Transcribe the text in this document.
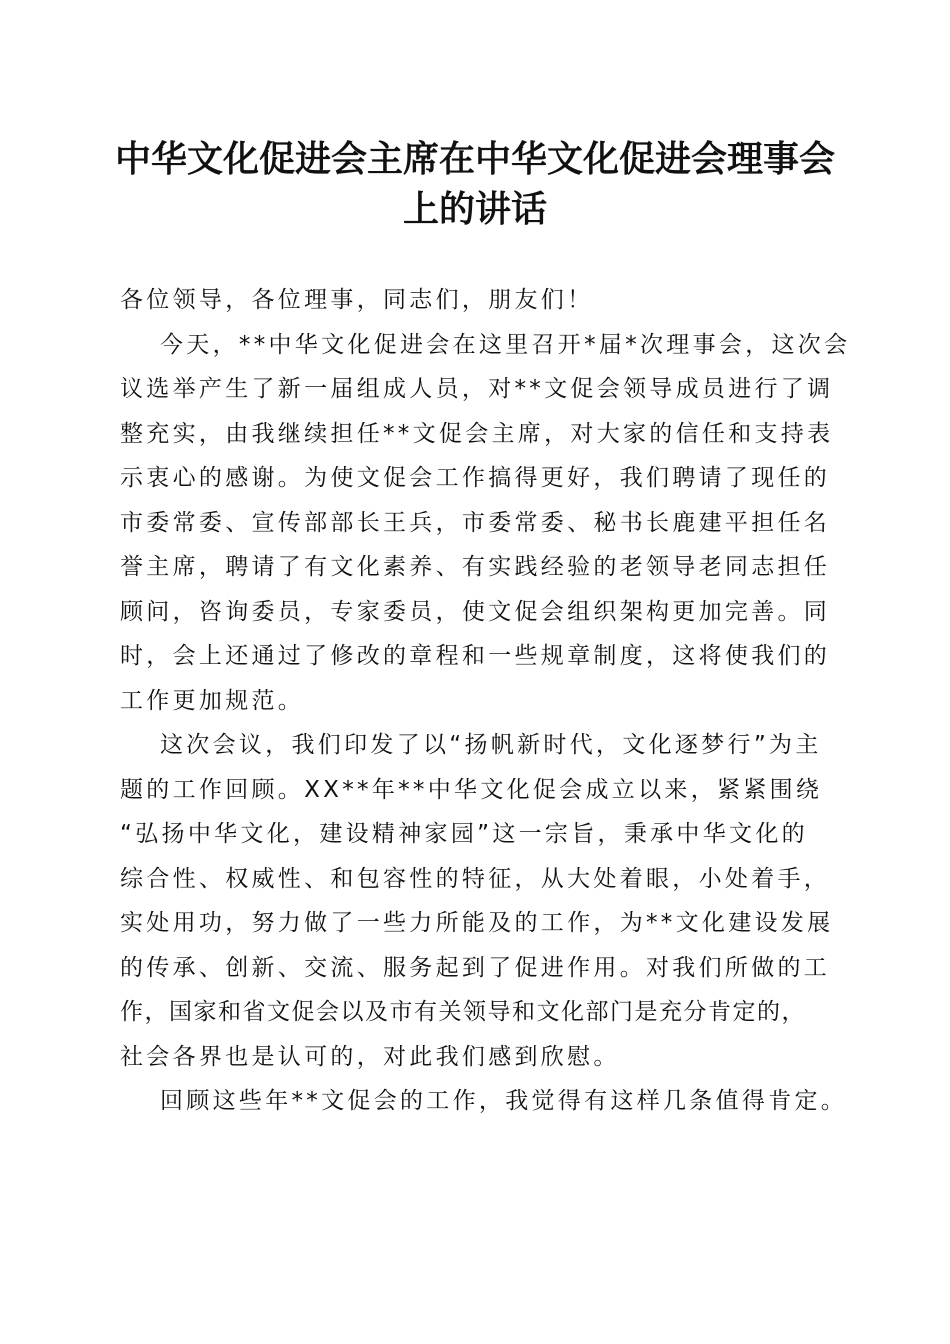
中华文化促进会主席在中华文化促进会理事会
上的讲话
各位领导，各位理事，同志们，朋友们！
今天，**中华文化促进会在这里召开*届*次理事会，这次会
议选举产生了新一届组成人员，对**文促会领导成员进行了调
整充实，由我继续担任**文促会主席，对大家的信任和支持表
示衷心的感谢。为使文促会工作搞得更好，我们聘请了现任的
市委常委、宣传部部长王兵，市委常委、秘书长鹿建平担任名
誉主席，聘请了有文化素养、有实践经验的老领导老同志担任
顾问，咨询委员，专家委员，使文促会组织架构更加完善。同
时，会上还通过了修改的章程和一些规章制度，这将使我们的
工作更加规范。
这次会议，我们印发了以“扬帆新时代，文化逐梦行”为主
题的工作回顾。XX**年**中华文化促会成立以来，紧紧围绕
“弘扬中华文化，建设精神家园”这一宗旨，秉承中华文化的
综合性、权威性、和包容性的特征，从大处着眼，小处着手，
实处用功，努力做了一些力所能及的工作，为**文化建设发展
的传承、创新、交流、服务起到了促进作用。对我们所做的工
作，国家和省文促会以及市有关领导和文化部门是充分肯定的，
社会各界也是认可的，对此我们感到欣慰。
回顾这些年**文促会的工作，我觉得有这样几条值得肯定。
